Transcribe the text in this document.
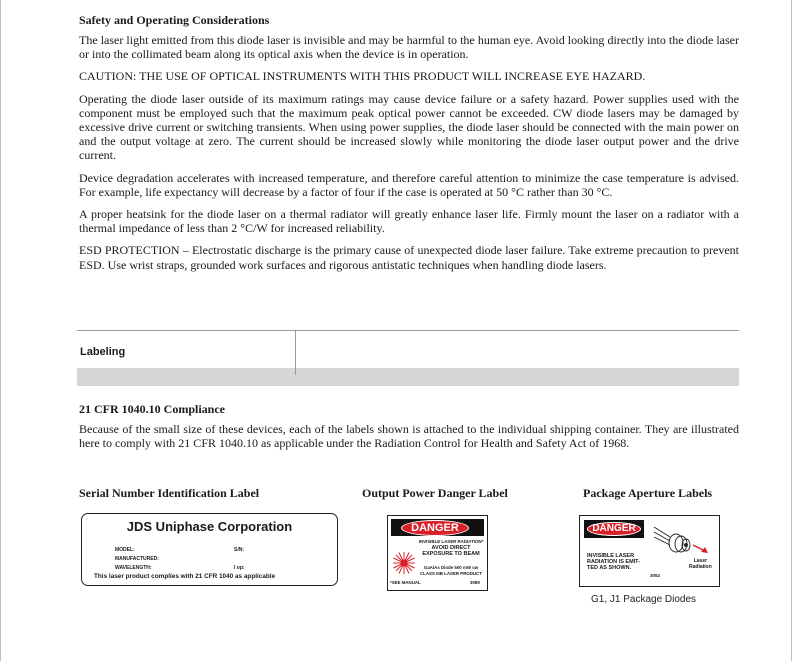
Safety and Operating Considerations

The laser light emitted from this diode laser is invisible and may be harmful to the human eye. Avoid looking directly into the diode laser or into the collimated beam along its optical axis when the device is in operation.

CAUTION: THE USE OF OPTICAL INSTRUMENTS WITH THIS PRODUCT WILL INCREASE EYE HAZARD.

Operating the diode laser outside of its maximum ratings may cause device failure or a safety hazard. Power supplies used with the component must be employed such that the maximum peak optical power cannot be exceeded. CW diode lasers may be damaged by excessive drive current or switching transients. When using power supplies, the diode laser should be connected with the main power on and the output voltage at zero. The current should be increased slowly while monitoring the diode laser output power and the drive current.

Device degradation accelerates with increased temperature, and therefore careful attention to minimize the case temperature is advised. For example, life expectancy will decrease by a factor of four if the case is operated at 50 °C rather than 30 °C.

A proper heatsink for the diode laser on a thermal radiator will greatly enhance laser life. Firmly mount the laser on a radiator with a thermal impedance of less than 2 °C/W for increased reliability.

ESD PROTECTION – Electrostatic discharge is the primary cause of unexpected diode laser failure. Take extreme precaution to prevent ESD. Use wrist straps, grounded work surfaces and rigorous antistatic techniques when handling diode lasers.

Labeling
21 CFR 1040.10 Compliance

Because of the small size of these devices, each of the labels shown is attached to the individual shipping container. They are illustrated here to comply with 21 CFR 1040.10 as applicable under the Radiation Control for Health and Safety Act of 1968.

Serial Number Identification Label	Output Power Danger Label	Package Aperture Labels
JDS Uniphase Corporation
MODEL:
MANUFACTURED:
WAVELENGTH:
S/N:
I op:
This laser product complies with 21 CFR 1040 as applicable
DANGER
INVISIBLE LASER RADIATION*
AVOID DIRECT
EXPOSURE TO BEAM
GaAlAs Diode 500 mW cw
CLASS IIIB LASER PRODUCT
*SEE MANUAL	3089
DANGER
INVISIBLE LASER RADIATION IS EMIT-TED AS SHOWN.
3052
Laser
Radiation
G1, J1 Package Diodes
